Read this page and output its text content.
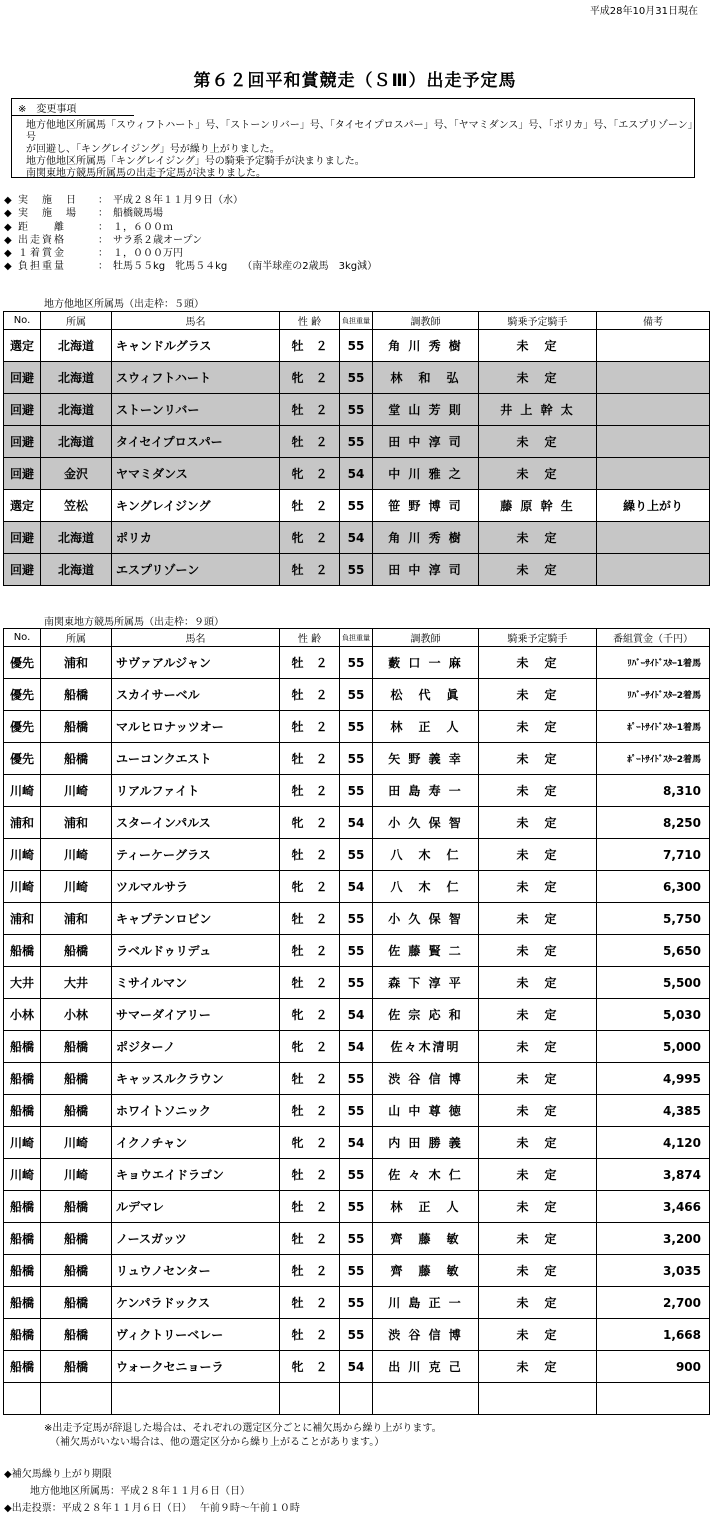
平成28年10月31日現在
第６２回平和賞競走（ＳⅢ）出走予定馬
※　変更事項
地方他地区所属馬「スウィフトハート」号、「ストーンリバー」号、「タイセイプロスパー」号、「ヤマミダンス」号、「ポリカ」号、「エスプリゾーン」号
が回避し、「キングレイジング」号が繰り上がりました。
地方他地区所属馬「キングレイジング」号の騎乗予定騎手が決まりました。
南関東地方競馬所属馬の出走予定馬が決まりました。
◆ 実　施　日	：　平成２８年１１月９日（水）
◆ 実　施　場	：　船橋競馬場
◆ 距　　離	：　１，６００ｍ
◆ 出走資格	：　サラ系２歳オープン
◆ １着賞金	：　１，０００万円
◆ 負担重量	：　牡馬５５kg　牝馬５４kg　　（南半球産の2歳馬　3kg減）
地方他地区所属馬（出走枠：５頭）
No.	所属	馬名	性 齢	負担重量	調教師	騎乗予定騎手	備考
選定	北海道	キャンドルグラス	牡　２	55	角 川 秀 樹	未　定	
回避	北海道	スウィフトハート	牝　２	55	林　和　弘	未　定	
回避	北海道	ストーンリバー	牡　２	55	堂 山 芳 則	井 上 幹 太	
回避	北海道	タイセイプロスパー	牡　２	55	田 中 淳 司	未　定	
回避	金沢	ヤマミダンス	牝　２	54	中 川 雅 之	未　定	
選定	笠松	キングレイジング	牡　２	55	笹 野 博 司	藤 原 幹 生	繰り上がり
回避	北海道	ポリカ	牝　２	54	角 川 秀 樹	未　定	
回避	北海道	エスプリゾーン	牡　２	55	田 中 淳 司	未　定	
南関東地方競馬所属馬（出走枠：９頭）
No.	所属	馬名	性 齢	負担重量	調教師	騎乗予定騎手	番組賞金（千円）
優先	浦和	サヴァアルジャン	牡　２	55	藪 口 一 麻	未　定	ﾘﾊﾞｰｻｲﾄﾞｽﾀｰ1着馬
優先	船橋	スカイサーベル	牡　２	55	松　代　眞	未　定	ﾘﾊﾞｰｻｲﾄﾞｽﾀｰ2着馬
優先	船橋	マルヒロナッツオー	牡　２	55	林　正　人	未　定	ﾎﾟｰﾄｻｲﾄﾞｽﾀｰ1着馬
優先	船橋	ユーコンクエスト	牡　２	55	矢 野 義 幸	未　定	ﾎﾟｰﾄｻｲﾄﾞｽﾀｰ2着馬
川崎	川崎	リアルファイト	牡　２	55	田 島 寿 一	未　定	8,310
浦和	浦和	スターインパルス	牝　２	54	小 久 保 智	未　定	8,250
川崎	川崎	ティーケーグラス	牡　２	55	八　木　仁	未　定	7,710
川崎	川崎	ツルマルサラ	牝　２	54	八　木　仁	未　定	6,300
浦和	浦和	キャプテンロビン	牡　２	55	小 久 保 智	未　定	5,750
船橋	船橋	ラベルドゥリデュ	牡　２	55	佐 藤 賢 二	未　定	5,650
大井	大井	ミサイルマン	牡　２	55	森 下 淳 平	未　定	5,500
小林	小林	サマーダイアリー	牝　２	54	佐 宗 応 和	未　定	5,030
船橋	船橋	ポジターノ	牝　２	54	佐々木清明	未　定	5,000
船橋	船橋	キャッスルクラウン	牡　２	55	渋 谷 信 博	未　定	4,995
船橋	船橋	ホワイトソニック	牡　２	55	山 中 尊 徳	未　定	4,385
川崎	川崎	イクノチャン	牝　２	54	内 田 勝 義	未　定	4,120
川崎	川崎	キョウエイドラゴン	牡　２	55	佐 々 木 仁	未　定	3,874
船橋	船橋	ルデマレ	牡　２	55	林　正　人	未　定	3,466
船橋	船橋	ノースガッツ	牡　２	55	齊　藤　敏	未　定	3,200
船橋	船橋	リュウノセンター	牡　２	55	齊　藤　敏	未　定	3,035
船橋	船橋	ケンパラドックス	牡　２	55	川 島 正 一	未　定	2,700
船橋	船橋	ヴィクトリーベレー	牡　２	55	渋 谷 信 博	未　定	1,668
船橋	船橋	ウォークセニョーラ	牝　２	54	出 川 克 己	未　定	900

※出走予定馬が辞退した場合は、それぞれの選定区分ごとに補欠馬から繰り上がります。
（補欠馬がいない場合は、他の選定区分から繰り上がることがあります。）
◆補欠馬繰り上がり期限
地方他地区所属馬：平成２８年１１月６日（日）
◆出走投票：平成２８年１１月６日（日）　 午前９時～午前１０時
